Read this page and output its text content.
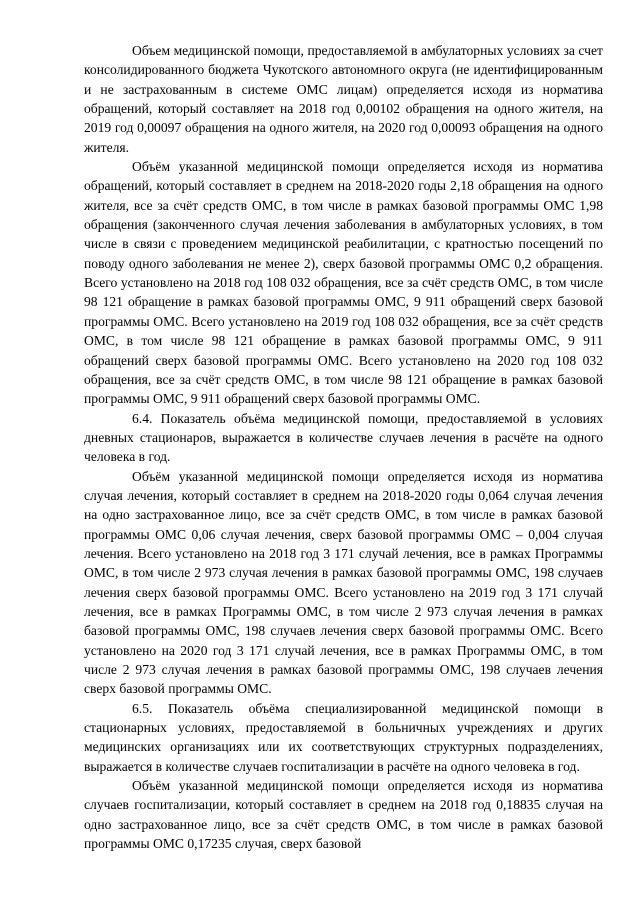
Объем медицинской помощи, предоставляемой в амбулаторных условиях за счет консолидированного бюджета Чукотского автономного округа (не идентифицированным и не застрахованным в системе ОМС лицам) определяется исходя из норматива обращений, который составляет на 2018 год 0,00102 обращения на одного жителя, на 2019 год 0,00097 обращения на одного жителя, на 2020 год 0,00093 обращения на одного жителя.

Объём указанной медицинской помощи определяется исходя из норматива обращений, который составляет в среднем на 2018-2020 годы 2,18 обращения на одного жителя, все за счёт средств ОМС, в том числе в рамках базовой программы ОМС 1,98 обращения (законченного случая лечения заболевания в амбулаторных условиях, в том числе в связи с проведением медицинской реабилитации, с кратностью посещений по поводу одного заболевания не менее 2), сверх базовой программы ОМС 0,2 обращения. Всего установлено на 2018 год 108 032 обращения, все за счёт средств ОМС, в том числе 98 121 обращение в рамках базовой программы ОМС, 9 911 обращений сверх базовой программы ОМС. Всего установлено на 2019 год 108 032 обращения, все за счёт средств ОМС, в том числе 98 121 обращение в рамках базовой программы ОМС, 9 911 обращений сверх базовой программы ОМС. Всего установлено на 2020 год 108 032 обращения, все за счёт средств ОМС, в том числе 98 121 обращение в рамках базовой программы ОМС, 9 911 обращений сверх базовой программы ОМС.

6.4. Показатель объёма медицинской помощи, предоставляемой в условиях дневных стационаров, выражается в количестве случаев лечения в расчёте на одного человека в год.

Объём указанной медицинской помощи определяется исходя из норматива случая лечения, который составляет в среднем на 2018-2020 годы 0,064 случая лечения на одно застрахованное лицо, все за счёт средств ОМС, в том числе в рамках базовой программы ОМС 0,06 случая лечения, сверх базовой программы ОМС – 0,004 случая лечения. Всего установлено на 2018 год 3 171 случай лечения, все в рамках Программы ОМС, в том числе 2 973 случая лечения в рамках базовой программы ОМС, 198 случаев лечения сверх базовой программы ОМС. Всего установлено на 2019 год 3 171 случай лечения, все в рамках Программы ОМС, в том числе 2 973 случая лечения в рамках базовой программы ОМС, 198 случаев лечения сверх базовой программы ОМС. Всего установлено на 2020 год 3 171 случай лечения, все в рамках Программы ОМС, в том числе 2 973 случая лечения в рамках базовой программы ОМС, 198 случаев лечения сверх базовой программы ОМС.

6.5. Показатель объёма специализированной медицинской помощи в стационарных условиях, предоставляемой в больничных учреждениях и других медицинских организациях или их соответствующих структурных подразделениях, выражается в количестве случаев госпитализации в расчёте на одного человека в год.

Объём указанной медицинской помощи определяется исходя из норматива случаев госпитализации, который составляет в среднем на 2018 год 0,18835 случая на одно застрахованное лицо, все за счёт средств ОМС, в том числе в рамках базовой программы ОМС 0,17235 случая, сверх базовой
